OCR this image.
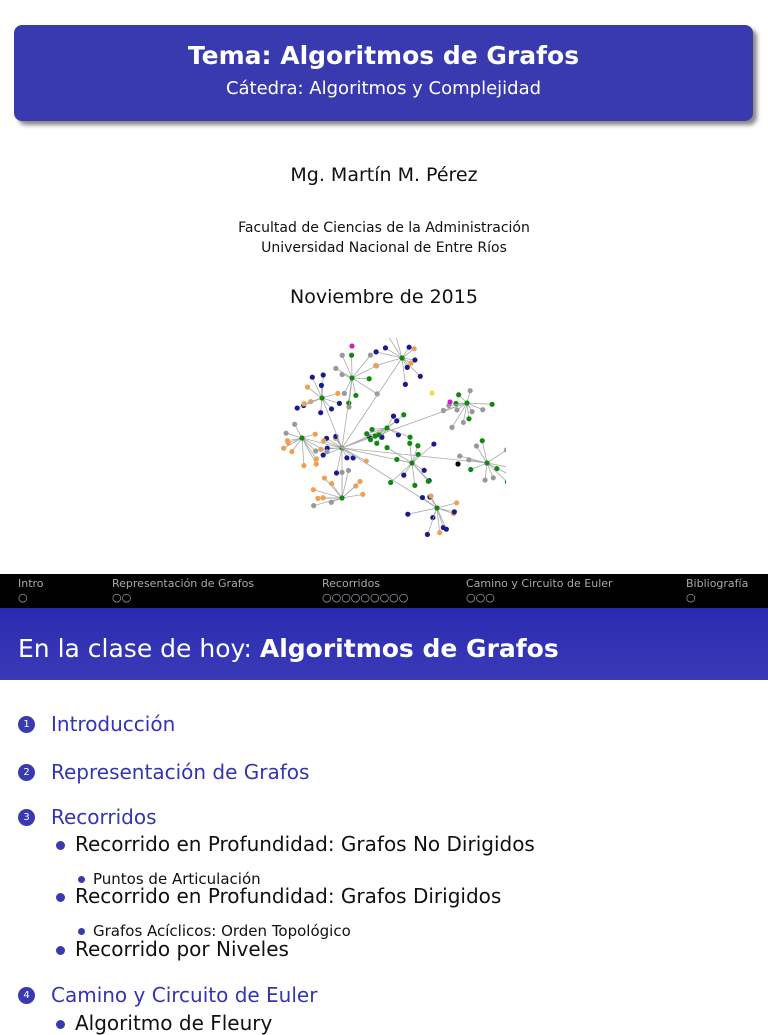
Tema: Algoritmos de Grafos
Cátedra: Algoritmos y Complejidad
Mg. Martín M. Pérez
Facultad de Ciencias de la Administración
Universidad Nacional de Entre Ríos
Noviembre de 2015
Intro
○
Representación de Grafos
○○
Recorridos
○○○○○○○○○
Camino y Circuito de Euler
○○○
Bibliografía
○
En la clase de hoy: Algoritmos de Grafos
1 Introducción
2 Representación de Grafos
3 Recorridos
Recorrido en Profundidad: Grafos No Dirigidos
Puntos de Articulación
Recorrido en Profundidad: Grafos Dirigidos
Grafos Acíclicos: Orden Topológico
Recorrido por Niveles
4 Camino y Circuito de Euler
Algoritmo de Fleury
